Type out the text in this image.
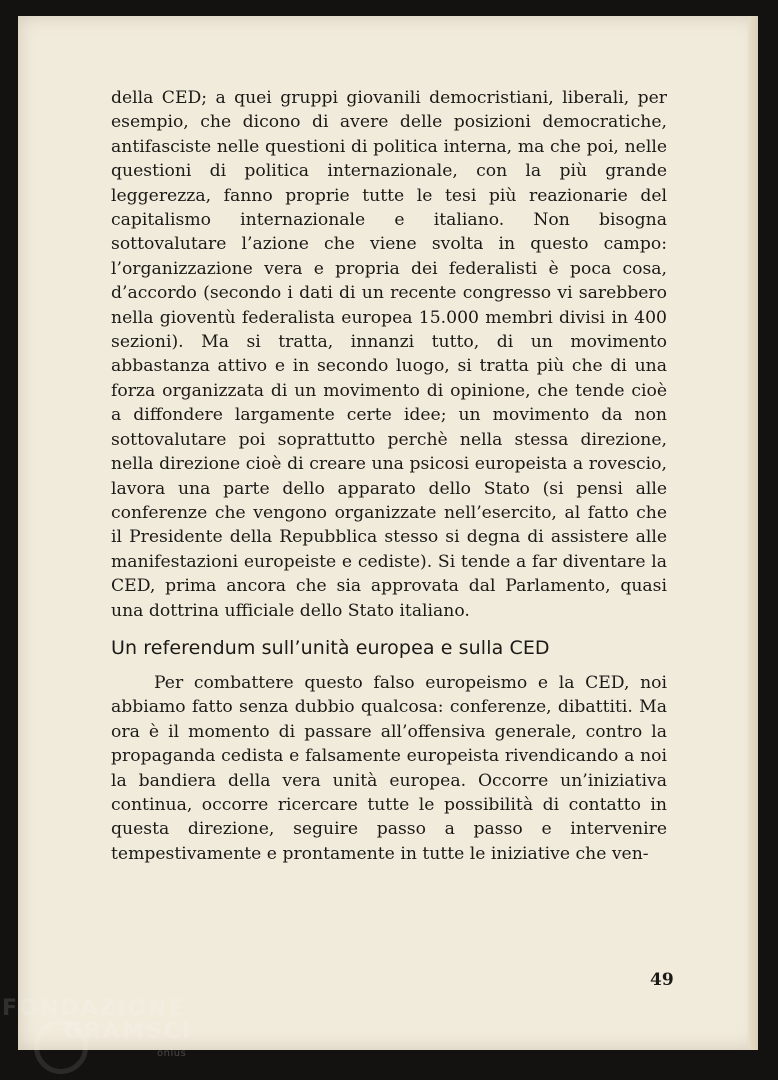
della CED; a quei gruppi giovanili democristiani, liberali, per esempio, che dicono di avere delle posizioni democratiche, antifasciste nelle questioni di politica interna, ma che poi, nelle questioni di politica internazionale, con la più grande leggerezza, fanno proprie tutte le tesi più reazionarie del capitalismo internazionale e italiano. Non bisogna sottovalutare l’azione che viene svolta in questo campo: l’organizzazione vera e propria dei federalisti è poca cosa, d’accordo (secondo i dati di un recente congresso vi sarebbero nella gioventù federalista europea 15.000 membri divisi in 400 sezioni). Ma si tratta, innanzi tutto, di un movimento abbastanza attivo e in secondo luogo, si tratta più che di una forza organizzata di un movimento di opinione, che tende cioè a diffondere largamente certe idee; un movimento da non sottovalutare poi soprattutto perchè nella stessa direzione, nella direzione cioè di creare una psicosi europeista a rovescio, lavora una parte dello apparato dello Stato (si pensi alle conferenze che vengono organizzate nell’esercito, al fatto che il Presidente della Repubblica stesso si degna di assistere alle manifestazioni europeiste e cediste). Si tende a far diventare la CED, prima ancora che sia approvata dal Parlamento, quasi una dottrina ufficiale dello Stato italiano.

Un referendum sull’unità europea e sulla CED

Per combattere questo falso europeismo e la CED, noi abbiamo fatto senza dubbio qualcosa: conferenze, dibattiti. Ma ora è il momento di passare all’offensiva generale, contro la propaganda cedista e falsamente europeista rivendicando a noi la bandiera della vera unità europea. Occorre un’iniziativa continua, occorre ricercare tutte le possibilità di contatto in questa direzione, seguire passo a passo e intervenire tempestivamente e prontamente in tutte le iniziative che ven-

49
FONDAZIONE
GRAMSCI
onlus
